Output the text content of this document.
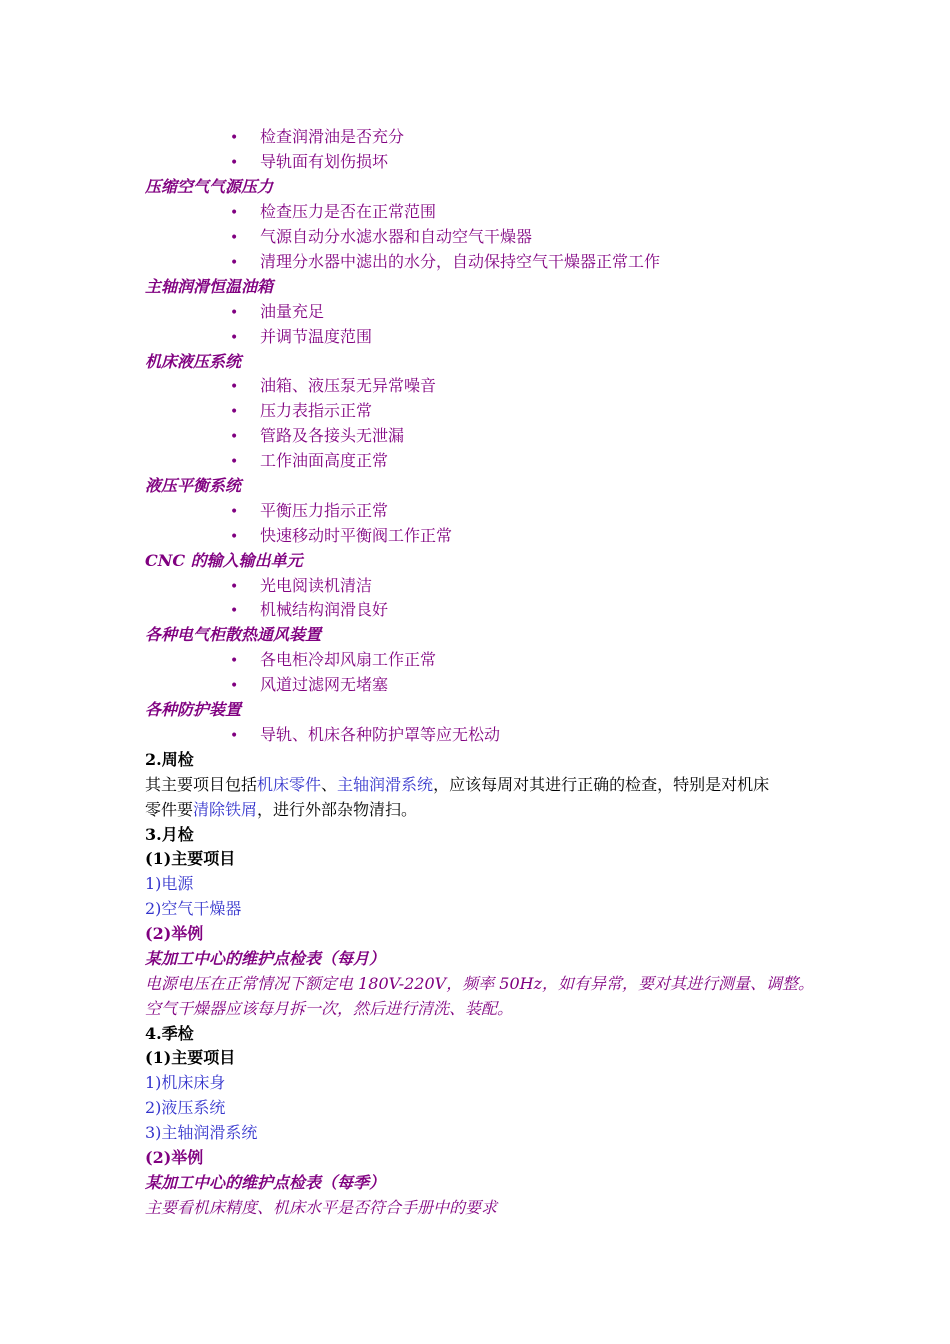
• 检查润滑油是否充分
• 导轨面有划伤损坏
压缩空气气源压力
• 检查压力是否在正常范围
• 气源自动分水滤水器和自动空气干燥器
• 清理分水器中滤出的水分，自动保持空气干燥器正常工作
主轴润滑恒温油箱
• 油量充足
• 并调节温度范围
机床液压系统
• 油箱、液压泵无异常噪音
• 压力表指示正常
• 管路及各接头无泄漏
• 工作油面高度正常
液压平衡系统
• 平衡压力指示正常
• 快速移动时平衡阀工作正常
CNC 的输入输出单元
• 光电阅读机清洁
• 机械结构润滑良好
各种电气柜散热通风装置
• 各电柜冷却风扇工作正常
• 风道过滤网无堵塞
各种防护装置
• 导轨、机床各种防护罩等应无松动
2.周检
其主要项目包括机床零件、主轴润滑系统，应该每周对其进行正确的检查，特别是对机床
零件要清除铁屑，进行外部杂物清扫。
3.月检
(1)主要项目
1)电源
2)空气干燥器
(2)举例
某加工中心的维护点检表（每月）
电源电压在正常情况下额定电 180V-220V，频率 50Hz，如有异常，要对其进行测量、调整。
空气干燥器应该每月拆一次，然后进行清洗、装配。
4.季检
(1)主要项目
1)机床床身
2)液压系统
3)主轴润滑系统
(2)举例
某加工中心的维护点检表（每季）
主要看机床精度、机床水平是否符合手册中的要求
